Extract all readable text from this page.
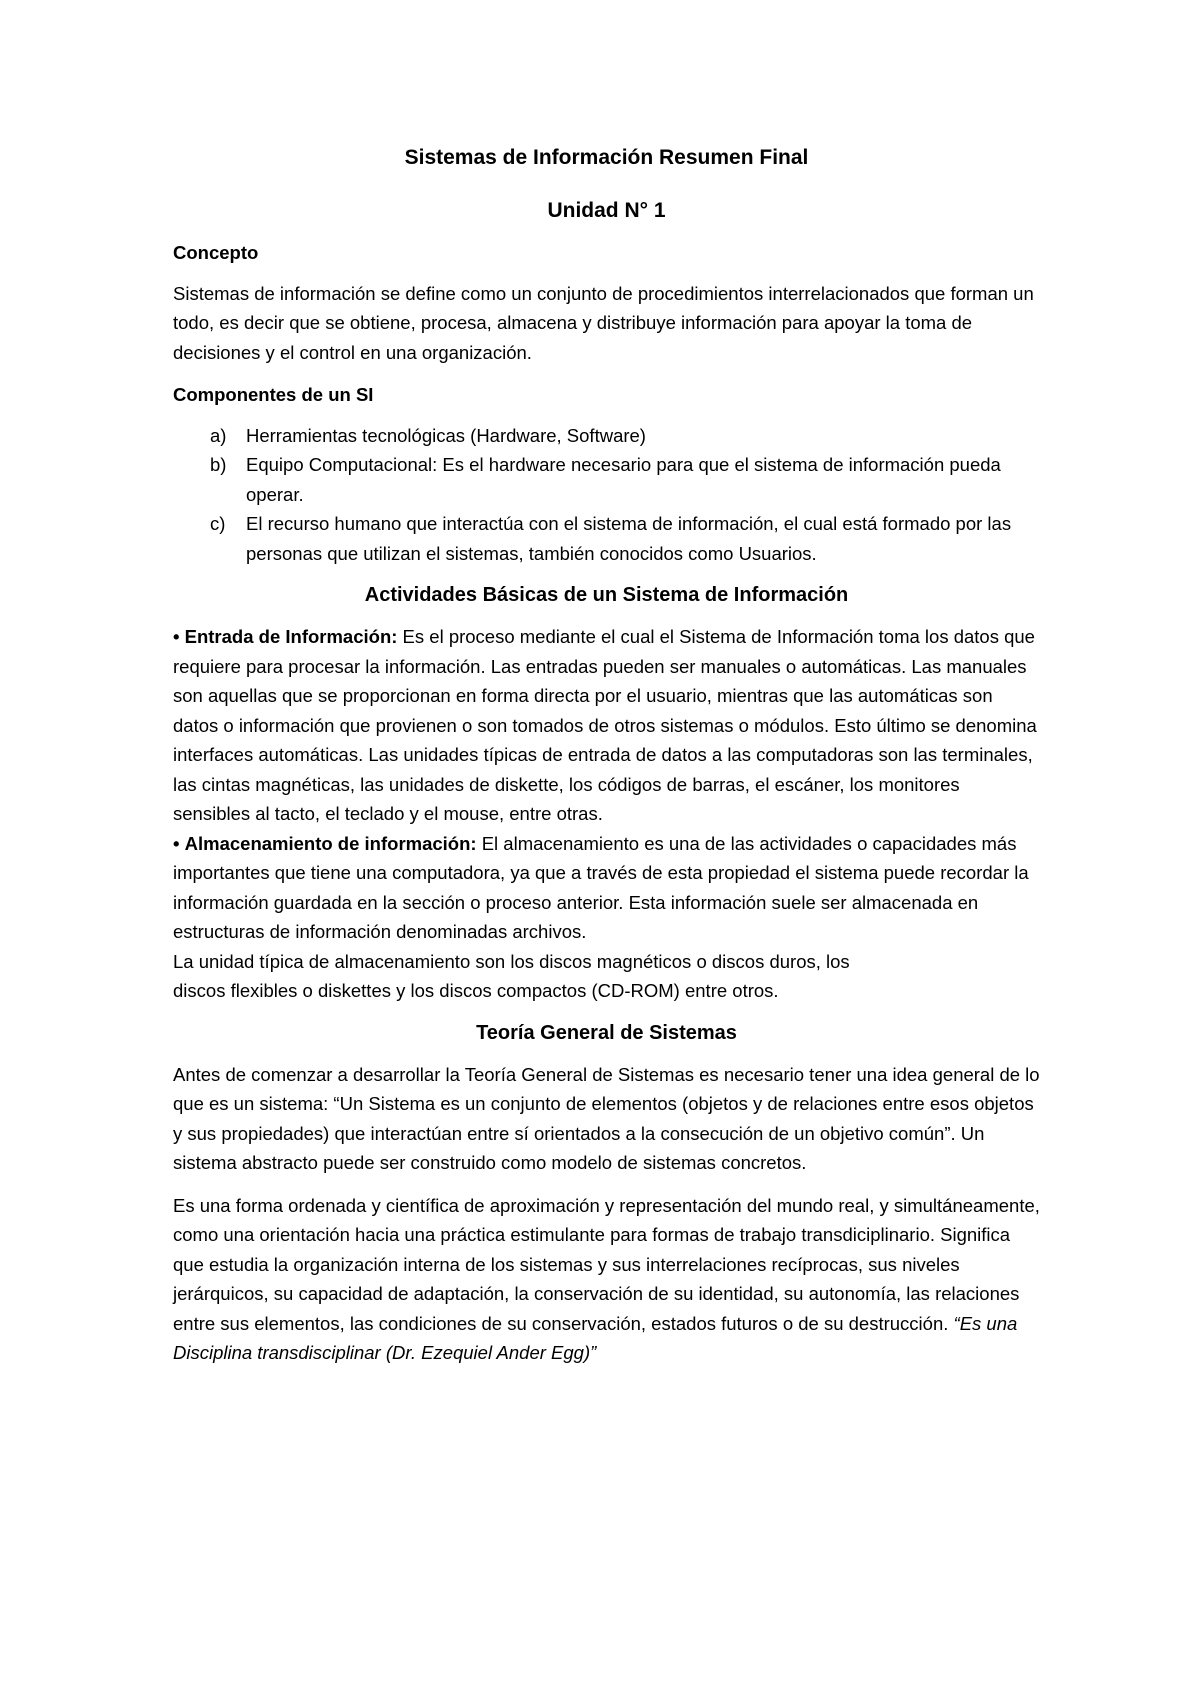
Sistemas de Información Resumen Final
Unidad N° 1
Concepto

Sistemas de información se define como un conjunto de procedimientos interrelacionados que forman un todo, es decir que se obtiene, procesa, almacena y distribuye información para apoyar la toma de decisiones y el control en una organización.

Componentes de un SI
a) Herramientas tecnológicas (Hardware, Software)
b) Equipo Computacional: Es el hardware necesario para que el sistema de información pueda operar.
c) El recurso humano que interactúa con el sistema de información, el cual está formado por las personas que utilizan el sistemas, también conocidos como Usuarios.
Actividades Básicas de un Sistema de Información
• Entrada de Información: Es el proceso mediante el cual el Sistema de Información toma los datos que requiere para procesar la información. Las entradas pueden ser manuales o automáticas. Las manuales son aquellas que se proporcionan en forma directa por el usuario, mientras que las automáticas son datos o información que provienen o son tomados de otros sistemas o módulos. Esto último se denomina interfaces automáticas. Las unidades típicas de entrada de datos a las computadoras son las terminales, las cintas magnéticas, las unidades de diskette, los códigos de barras, el escáner, los monitores sensibles al tacto, el teclado y el mouse, entre otras.
• Almacenamiento de información: El almacenamiento es una de las actividades o capacidades más importantes que tiene una computadora, ya que a través de esta propiedad el sistema puede recordar la información guardada en la sección o proceso anterior. Esta información suele ser almacenada en estructuras de información denominadas archivos.
La unidad típica de almacenamiento son los discos magnéticos o discos duros, los
discos flexibles o diskettes y los discos compactos (CD-ROM) entre otros.
Teoría General de Sistemas

Antes de comenzar a desarrollar la Teoría General de Sistemas es necesario tener una idea general de lo que es un sistema: “Un Sistema es un conjunto de elementos (objetos y de relaciones entre esos objetos y sus propiedades) que interactúan entre sí orientados a la consecución de un objetivo común”. Un sistema abstracto puede ser construido como modelo de sistemas concretos.

Es una forma ordenada y científica de aproximación y representación del mundo real, y simultáneamente, como una orientación hacia una práctica estimulante para formas de trabajo transdiciplinario. Significa que estudia la organización interna de los sistemas y sus interrelaciones recíprocas, sus niveles jerárquicos, su capacidad de adaptación, la conservación de su identidad, su autonomía, las relaciones entre sus elementos, las condiciones de su conservación, estados futuros o de su destrucción. “Es una Disciplina transdisciplinar (Dr. Ezequiel Ander Egg)”
